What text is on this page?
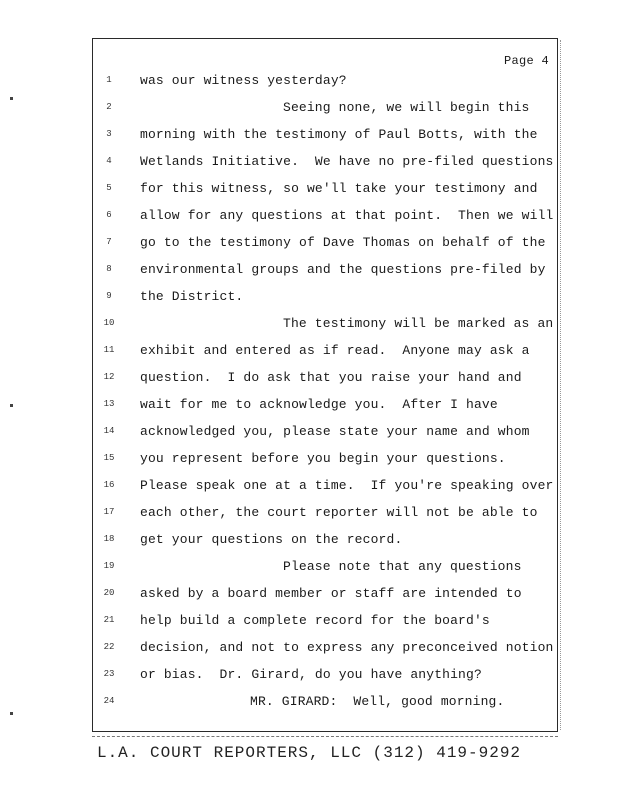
Page 4
1	was our witness yesterday?
2	Seeing none, we will begin this
3	morning with the testimony of Paul Botts, with the
4	Wetlands Initiative.  We have no pre-filed questions
5	for this witness, so we'll take your testimony and
6	allow for any questions at that point.  Then we will
7	go to the testimony of Dave Thomas on behalf of the
8	environmental groups and the questions pre-filed by
9	the District.
10	The testimony will be marked as an
11	exhibit and entered as if read.  Anyone may ask a
12	question.  I do ask that you raise your hand and
13	wait for me to acknowledge you.  After I have
14	acknowledged you, please state your name and whom
15	you represent before you begin your questions.
16	Please speak one at a time.  If you're speaking over
17	each other, the court reporter will not be able to
18	get your questions on the record.
19	Please note that any questions
20	asked by a board member or staff are intended to
21	help build a complete record for the board's
22	decision, and not to express any preconceived notion
23	or bias.  Dr. Girard, do you have anything?
24	MR. GIRARD:  Well, good morning.
L.A. COURT REPORTERS, LLC (312) 419-9292
